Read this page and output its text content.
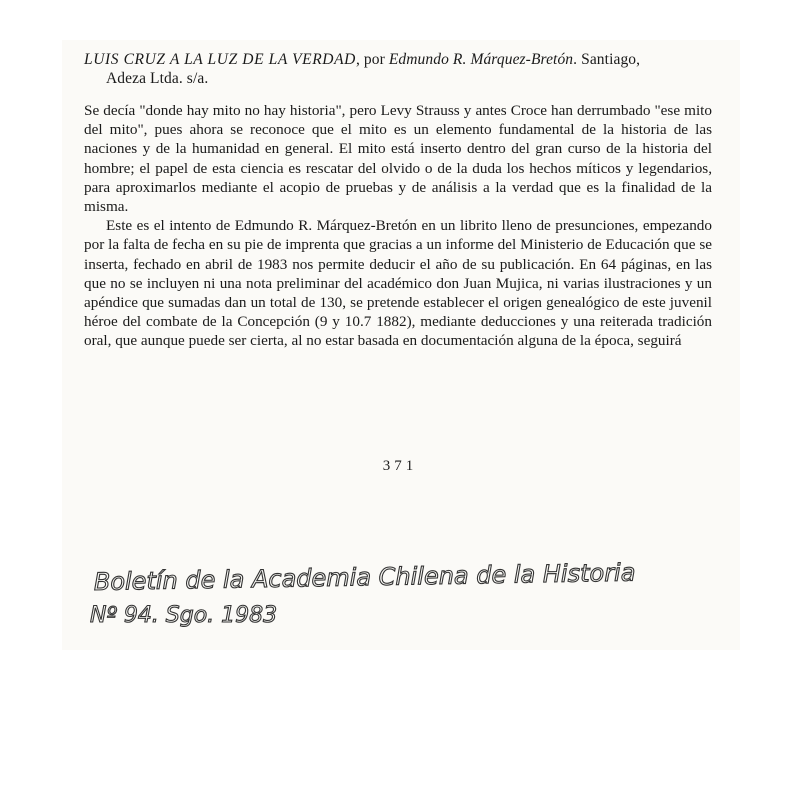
LUIS CRUZ A LA LUZ DE LA VERDAD, por Edmundo R. Márquez-Bretón. Santiago,
Adeza Ltda. s/a.

Se decía "donde hay mito no hay historia", pero Levy Strauss y antes Croce han derrumbado "ese mito del mito", pues ahora se reconoce que el mito es un elemento fundamental de la historia de las naciones y de la humanidad en general. El mito está inserto dentro del gran curso de la historia del hombre; el papel de esta ciencia es rescatar del olvido o de la duda los hechos míticos y legendarios, para aproximarlos mediante el acopio de pruebas y de análisis a la verdad que es la finalidad de la misma.

Este es el intento de Edmundo R. Márquez-Bretón en un librito lleno de presunciones, empezando por la falta de fecha en su pie de imprenta que gracias a un informe del Ministerio de Educación que se inserta, fechado en abril de 1983 nos permite deducir el año de su publicación. En 64 páginas, en las que no se incluyen ni una nota preliminar del académico don Juan Mujica, ni varias ilustraciones y un apéndice que sumadas dan un total de 130, se pretende establecer el origen genealógico de este juvenil héroe del combate de la Concepción (9 y 10.7 1882), mediante deducciones y una reiterada tradición oral, que aunque puede ser cierta, al no estar basada en documentación alguna de la época, seguirá

371
Boletín de la Academia Chilena de la Historia
Nº 94. Sgo. 1983
